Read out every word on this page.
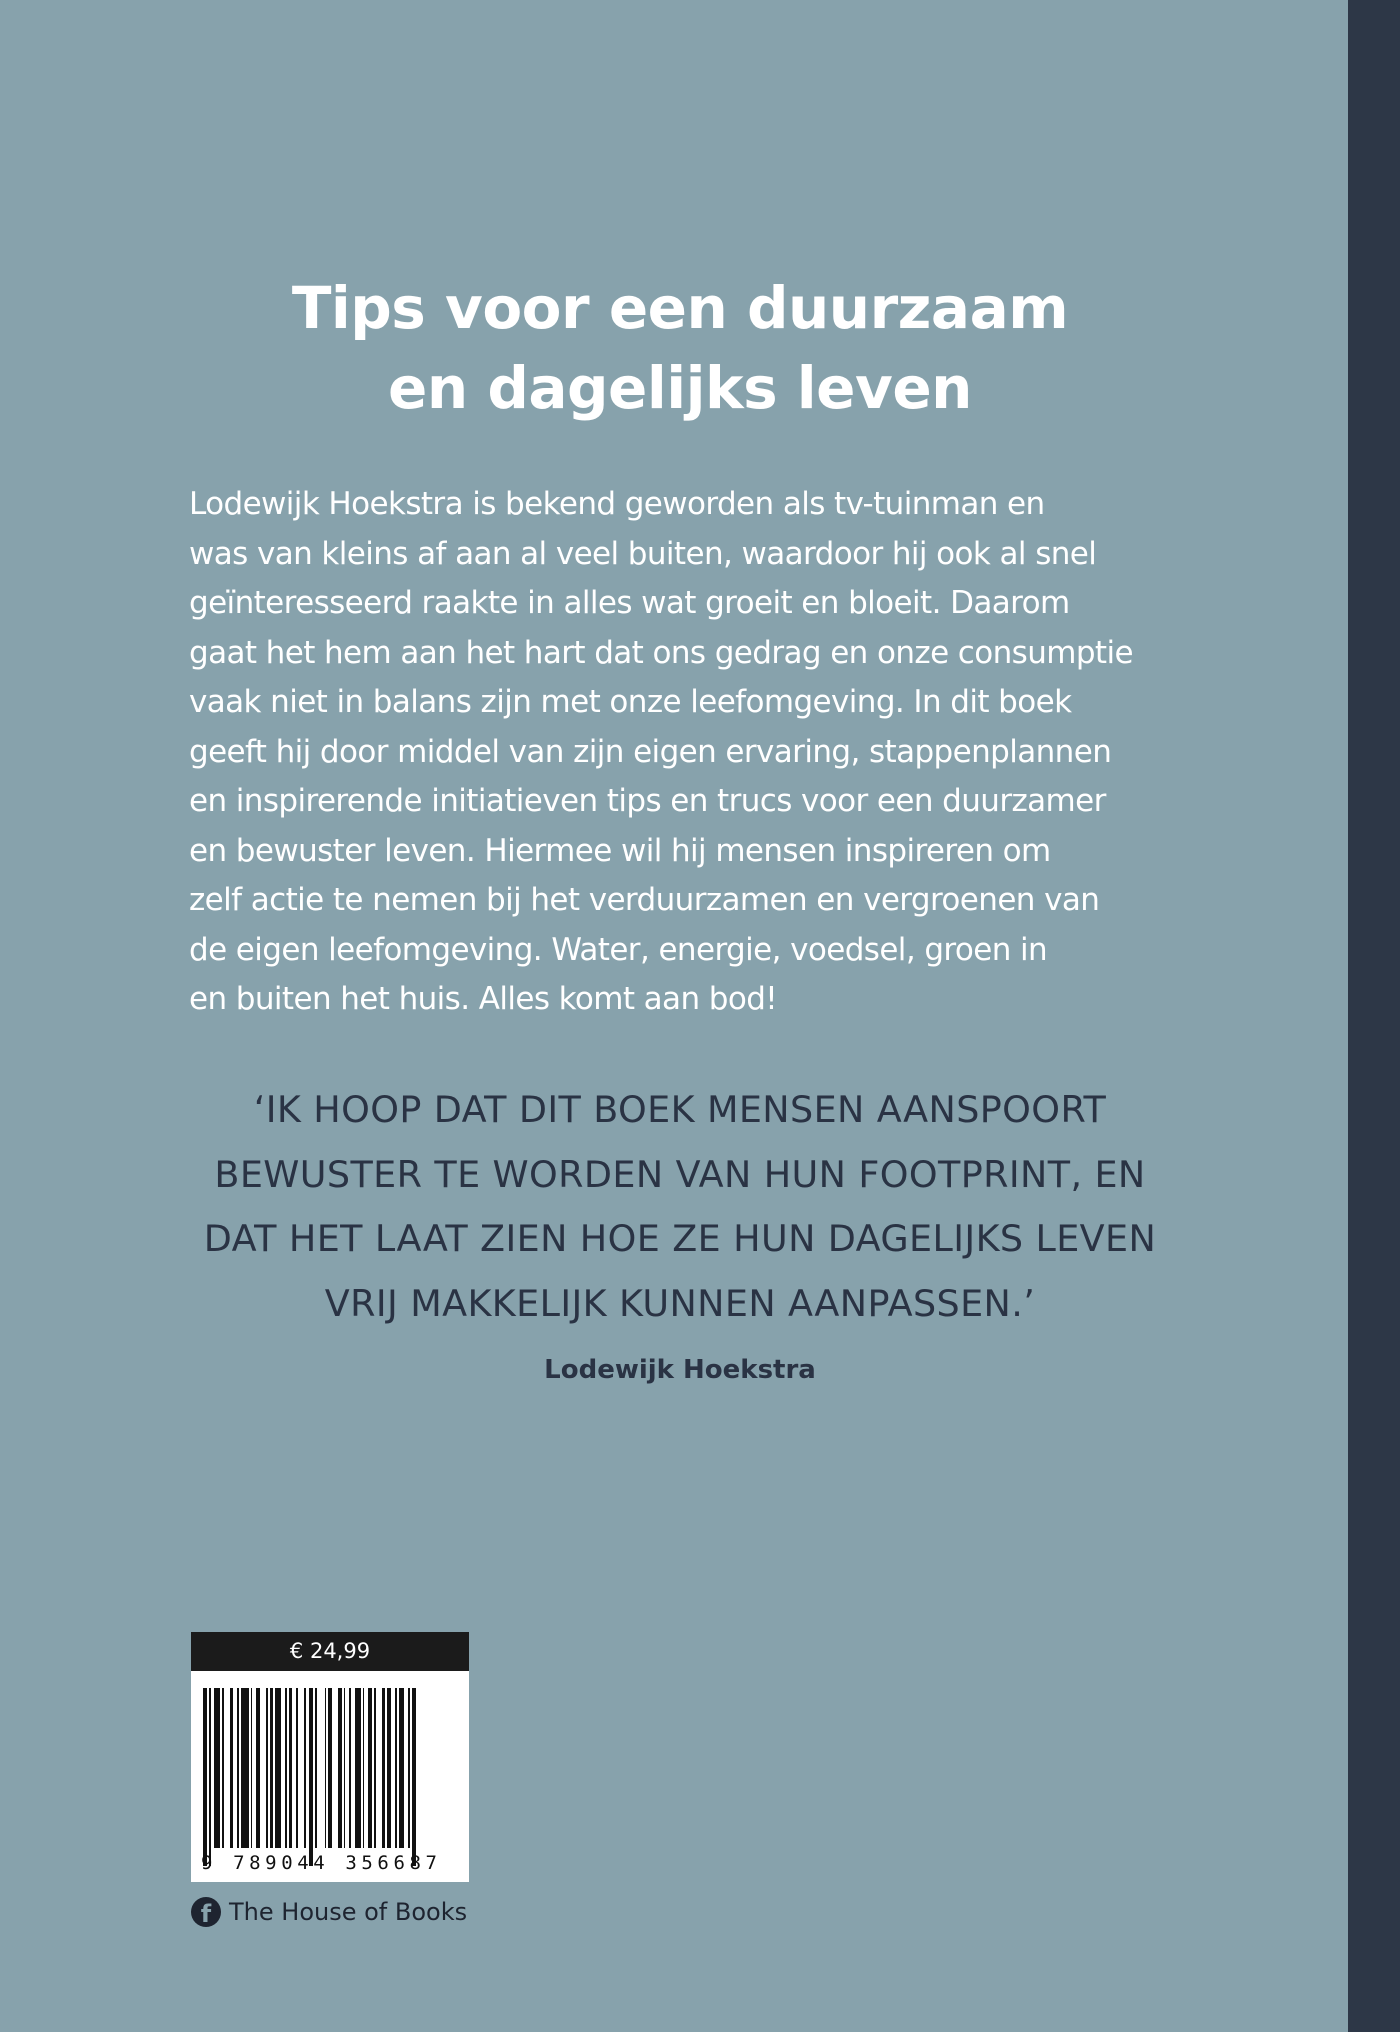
Tips voor een duurzaam
en dagelijks leven
Lodewijk Hoekstra is bekend geworden als tv-tuinman en
was van kleins af aan al veel buiten, waardoor hij ook al snel
geïnteresseerd raakte in alles wat groeit en bloeit. Daarom
gaat het hem aan het hart dat ons gedrag en onze consumptie
vaak niet in balans zijn met onze leefomgeving. In dit boek
geeft hij door middel van zijn eigen ervaring, stappenplannen
en inspirerende initiatieven tips en trucs voor een duurzamer
en bewuster leven. Hiermee wil hij mensen inspireren om
zelf actie te nemen bij het verduurzamen en vergroenen van
de eigen leefomgeving. Water, energie, voedsel, groen in
en buiten het huis. Alles komt aan bod!
‘IK HOOP DAT DIT BOEK MENSEN AANSPOORT
BEWUSTER TE WORDEN VAN HUN FOOTPRINT, EN
DAT HET LAAT ZIEN HOE ZE HUN DAGELIJKS LEVEN
VRIJ MAKKELIJK KUNNEN AANPASSEN.’
Lodewijk Hoekstra
€ 24,99
9 789044 356687
f The House of Books
